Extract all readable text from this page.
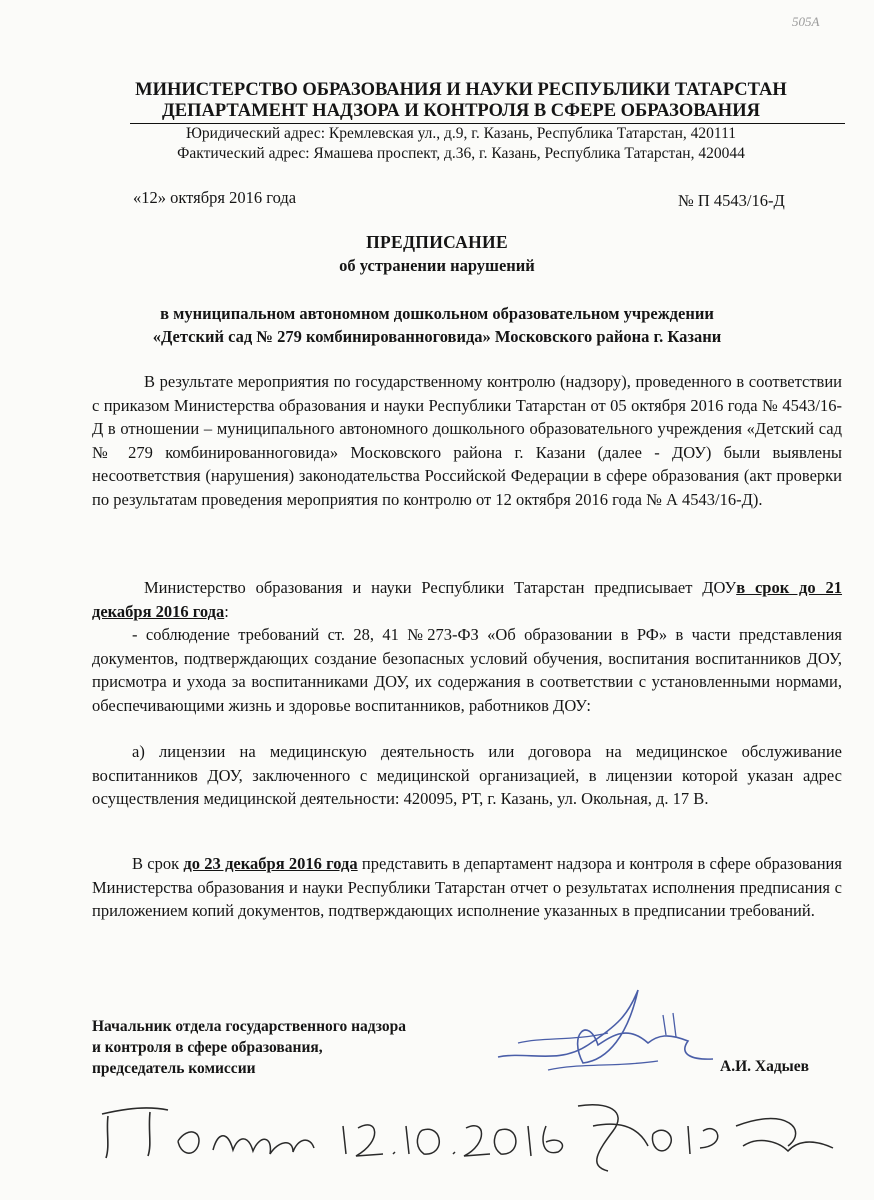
505А
МИНИСТЕРСТВО ОБРАЗОВАНИЯ И НАУКИ РЕСПУБЛИКИ ТАТАРСТАН
ДЕПАРТАМЕНТ НАДЗОРА И КОНТРОЛЯ В СФЕРЕ ОБРАЗОВАНИЯ
Юридический адрес: Кремлевская ул., д.9, г. Казань, Республика Татарстан, 420111
Фактический адрес: Ямашева проспект, д.36, г. Казань, Республика Татарстан, 420044
«12» октября 2016 года	№ П 4543/16-Д
ПРЕДПИСАНИЕ
об устранении нарушений
в муниципальном автономном дошкольном образовательном учреждении
«Детский сад № 279 комбинированноговида» Московского района г. Казани
В результате мероприятия по государственному контролю (надзору), проведенного в соответствии с приказом Министерства образования и науки Республики Татарстан от 05 октября 2016 года № 4543/16-Д в отношении – муниципального автономного дошкольного образовательного учреждения «Детский сад № 279 комбинированноговида» Московского района г. Казани (далее - ДОУ) были выявлены несоответствия (нарушения) законодательства Российской Федерации в сфере образования (акт проверки по результатам проведения мероприятия по контролю от 12 октября 2016 года № А 4543/16-Д).
Министерство образования и науки Республики Татарстан предписывает ДОУв срок до 21 декабря 2016 года:
- соблюдение требований ст. 28, 41 №273-ФЗ «Об образовании в РФ» в части представления документов, подтверждающих создание безопасных условий обучения, воспитания воспитанников ДОУ, присмотра и ухода за воспитанниками ДОУ, их содержания в соответствии с установленными нормами, обеспечивающими жизнь и здоровье воспитанников, работников ДОУ:
а) лицензии на медицинскую деятельность или договора на медицинское обслуживание воспитанников ДОУ, заключенного с медицинской организацией, в лицензии которой указан адрес осуществления медицинской деятельности: 420095, РТ, г. Казань, ул. Окольная, д. 17 В.
В срок до 23 декабря 2016 года представить в департамент надзора и контроля в сфере образования Министерства образования и науки Республики Татарстан отчет о результатах исполнения предписания с приложением копий документов, подтверждающих исполнение указанных в предписании требований.
Начальник отдела государственного надзора
и контроля в сфере образования,
председатель комиссии	А.И. Хадыев
